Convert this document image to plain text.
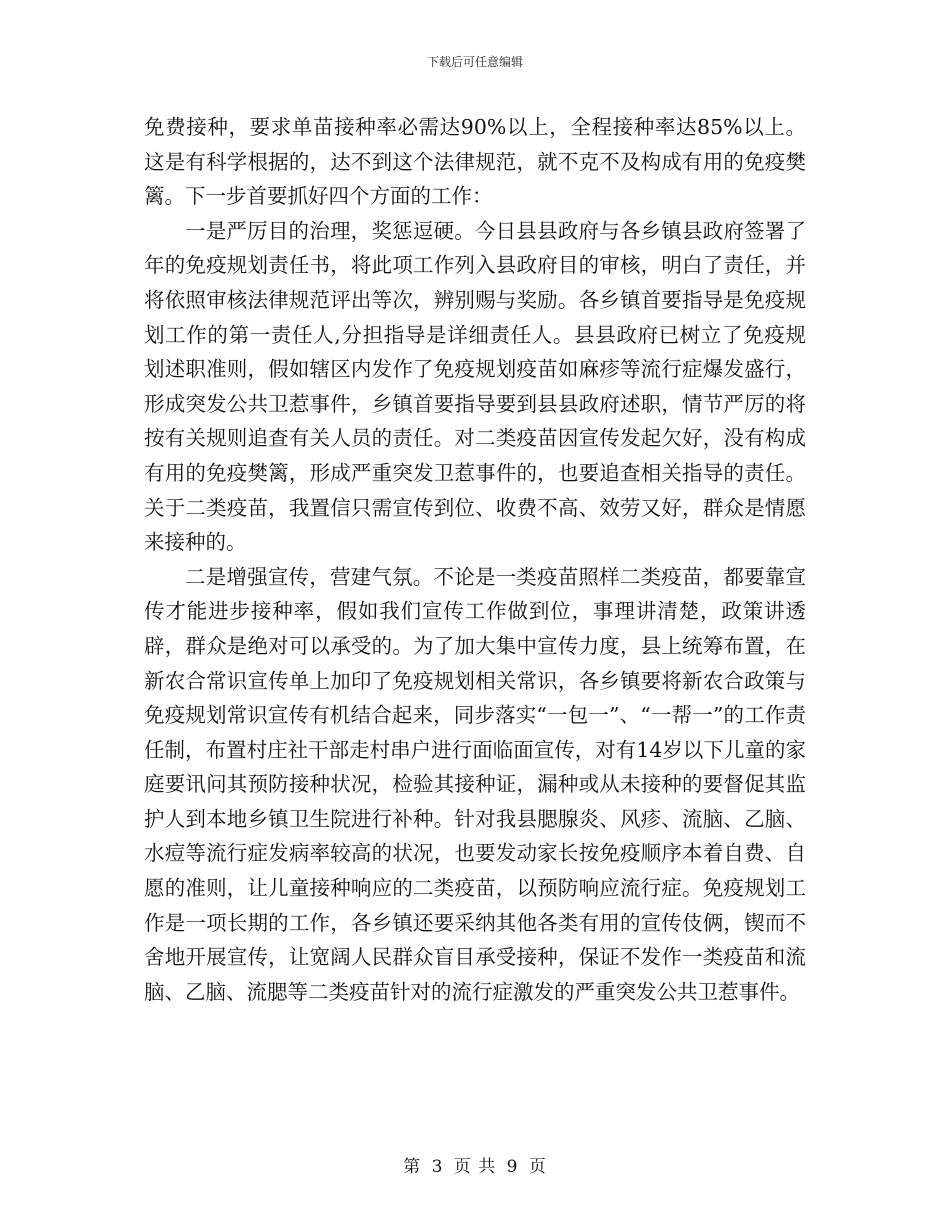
下载后可任意编辑

免费接种，要求单苗接种率必需达90%以上，全程接种率达85%以上。这是有科学根据的，达不到这个法律规范，就不克不及构成有用的免疫樊篱。下一步首要抓好四个方面的工作：

一是严厉目的治理，奖惩逗硬。今日县县政府与各乡镇县政府签署了年的免疫规划责任书，将此项工作列入县政府目的审核，明白了责任，并将依照审核法律规范评出等次，辨别赐与奖励。各乡镇首要指导是免疫规划工作的第一责任人,分担指导是详细责任人。县县政府已树立了免疫规划述职准则，假如辖区内发作了免疫规划疫苗如麻疹等流行症爆发盛行，形成突发公共卫惹事件，乡镇首要指导要到县县政府述职，情节严厉的将按有关规则追查有关人员的责任。对二类疫苗因宣传发起欠好，没有构成有用的免疫樊篱，形成严重突发卫惹事件的，也要追查相关指导的责任。关于二类疫苗，我置信只需宣传到位、收费不高、效劳又好，群众是情愿来接种的。

二是增强宣传，营建气氛。不论是一类疫苗照样二类疫苗，都要靠宣传才能进步接种率，假如我们宣传工作做到位，事理讲清楚，政策讲透辟，群众是绝对可以承受的。为了加大集中宣传力度，县上统筹布置，在新农合常识宣传单上加印了免疫规划相关常识，各乡镇要将新农合政策与免疫规划常识宣传有机结合起来，同步落实“一包一”、“一帮一”的工作责任制，布置村庄社干部走村串户进行面临面宣传，对有14岁以下儿童的家庭要讯问其预防接种状况，检验其接种证，漏种或从未接种的要督促其监护人到本地乡镇卫生院进行补种。针对我县腮腺炎、风疹、流脑、乙脑、水痘等流行症发病率较高的状况，也要发动家长按免疫顺序本着自费、自愿的准则，让儿童接种响应的二类疫苗，以预防响应流行症。免疫规划工作是一项长期的工作，各乡镇还要采纳其他各类有用的宣传伎俩，锲而不舍地开展宣传，让宽阔人民群众盲目承受接种，保证不发作一类疫苗和流脑、乙脑、流腮等二类疫苗针对的流行症激发的严重突发公共卫惹事件。

第 3 页 共 9 页
